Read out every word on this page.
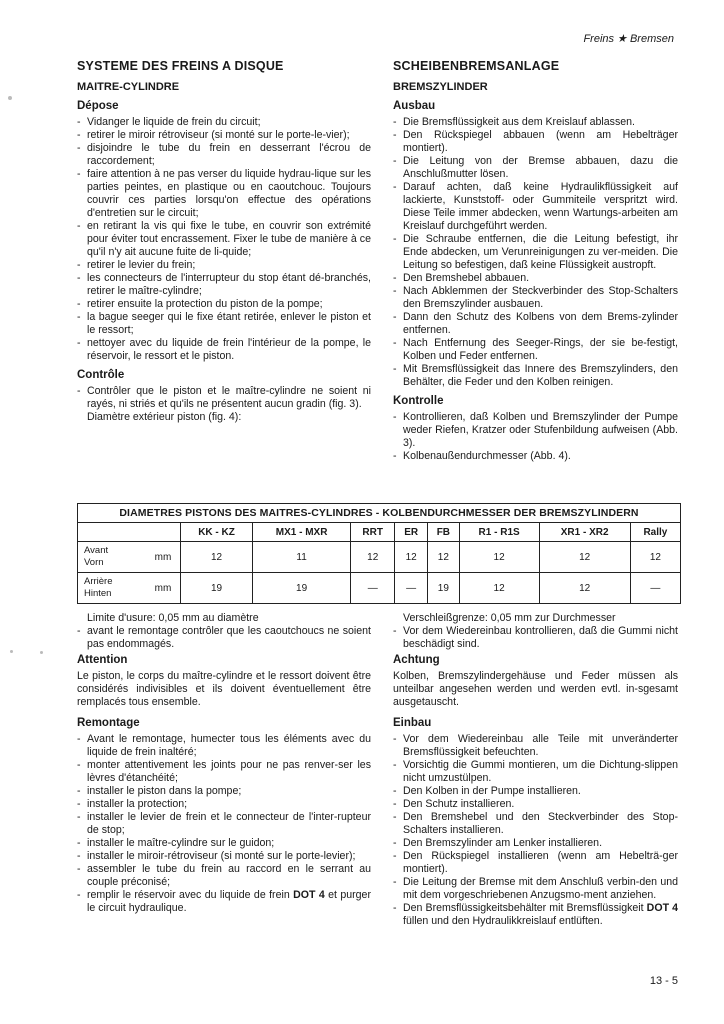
Freins ★ Bremsen
SYSTEME DES FREINS A DISQUE
MAITRE-CYLINDRE
Dépose
- Vidanger le liquide de frein du circuit;
- retirer le miroir rétroviseur (si monté sur le porte-le-vier);
- disjoindre le tube du frein en desserrant l'écrou de raccordement;
- faire attention à ne pas verser du liquide hydrau-lique sur les parties peintes, en plastique ou en caoutchouc. Toujours couvrir ces parties lorsqu'on effectue des opérations d'entretien sur le circuit;
- en retirant la vis qui fixe le tube, en couvrir son extrémité pour éviter tout encrassement. Fixer le tube de manière à ce qu'il n'y ait aucune fuite de li-quide;
- retirer le levier du frein;
- les connecteurs de l'interrupteur du stop étant dé-branchés, retirer le maître-cylindre;
- retirer ensuite la protection du piston de la pompe;
- la bague seeger qui le fixe étant retirée, enlever le piston et le ressort;
- nettoyer avec du liquide de frein l'intérieur de la pompe, le réservoir, le ressort et le piston.
Contrôle
- Contrôler que le piston et le maître-cylindre ne soient ni rayés, ni striés et qu'ils ne présentent aucun gradin (fig. 3).
Diamètre extérieur piston (fig. 4):
SCHEIBENBREMSANLAGE
BREMSZYLINDER
Ausbau
- Die Bremsflüssigkeit aus dem Kreislauf ablassen.
- Den Rückspiegel abbauen (wenn am Hebelträger montiert).
- Die Leitung von der Bremse abbauen, dazu die Anschlußmutter lösen.
- Darauf achten, daß keine Hydraulikflüssigkeit auf lackierte, Kunststoff- oder Gummiteile verspritzt wird. Diese Teile immer abdecken, wenn Wartungs-arbeiten am Kreislauf durchgeführt werden.
- Die Schraube entfernen, die die Leitung befestigt, ihr Ende abdecken, um Verunreinigungen zu ver-meiden. Die Leitung so befestigen, daß keine Flüssigkeit austropft.
- Den Bremshebel abbauen.
- Nach Abklemmen der Steckverbinder des Stop-Schalters den Bremszylinder ausbauen.
- Dann den Schutz des Kolbens von dem Brems-zylinder entfernen.
- Nach Entfernung des Seeger-Rings, der sie be-festigt, Kolben und Feder entfernen.
- Mit Bremsflüssigkeit das Innere des Bremszylinders, den Behälter, die Feder und den Kolben reinigen.
Kontrolle
- Kontrollieren, daß Kolben und Bremszylinder der Pumpe weder Riefen, Kratzer oder Stufenbildung aufweisen (Abb. 3).
- Kolbenaußendurchmesser (Abb. 4).
DIAMETRES PISTONS DES MAITRES-CYLINDRES - KOLBENDURCHMESSER DER BREMSZYLINDERN									
		KK - KZ	MX1 - MXR	RRT	ER	FB	R1 - R1S	XR1 - XR2	Rally

Avant
Vorn	mm	12	11	12	12	12	12	12	12

Arrière
Hinten	mm	19	19	—	—	19	12	12	—
Limite d'usure: 0,05 mm au diamètre
- avant le remontage contrôler que les caoutchoucs ne soient pas endommagés.
Attention

Le piston, le corps du maître-cylindre et le ressort doivent être considérés indivisibles et ils doivent éventuellement être remplacés tous ensemble.

Remontage
- Avant le remontage, humecter tous les éléments avec du liquide de frein inaltéré;
- monter attentivement les joints pour ne pas renver-ser les lèvres d'étanchéité;
- installer le piston dans la pompe;
- installer la protection;
- installer le levier de frein et le connecteur de l'inter-rupteur de stop;
- installer le maître-cylindre sur le guidon;
- installer le miroir-rétroviseur (si monté sur le porte-levier);
- assembler le tube du frein au raccord en le serrant au couple préconisé;
- remplir le réservoir avec du liquide de frein DOT 4 et purger le circuit hydraulique.
Verschleißgrenze: 0,05 mm zur Durchmesser
- Vor dem Wiedereinbau kontrollieren, daß die Gummi nicht beschädigt sind.
Achtung

Kolben, Bremszylindergehäuse und Feder müssen als unteilbar angesehen werden und werden evtl. in-sgesamt ausgetauscht.

Einbau
- Vor dem Wiedereinbau alle Teile mit unveränderter Bremsflüssigkeit befeuchten.
- Vorsichtig die Gummi montieren, um die Dichtung-slippen nicht umzustülpen.
- Den Kolben in der Pumpe installieren.
- Den Schutz installieren.
- Den Bremshebel und den Steckverbinder des Stop-Schalters installieren.
- Den Bremszylinder am Lenker installieren.
- Den Rückspiegel installieren (wenn am Hebelträ-ger montiert).
- Die Leitung der Bremse mit dem Anschluß verbin-den und mit dem vorgeschriebenen Anzugsmo-ment anziehen.
- Den Bremsflüssigkeitsbehälter mit Bremsflüssigkeit DOT 4 füllen und den Hydraulikkreislauf entlüften.
13 - 5
